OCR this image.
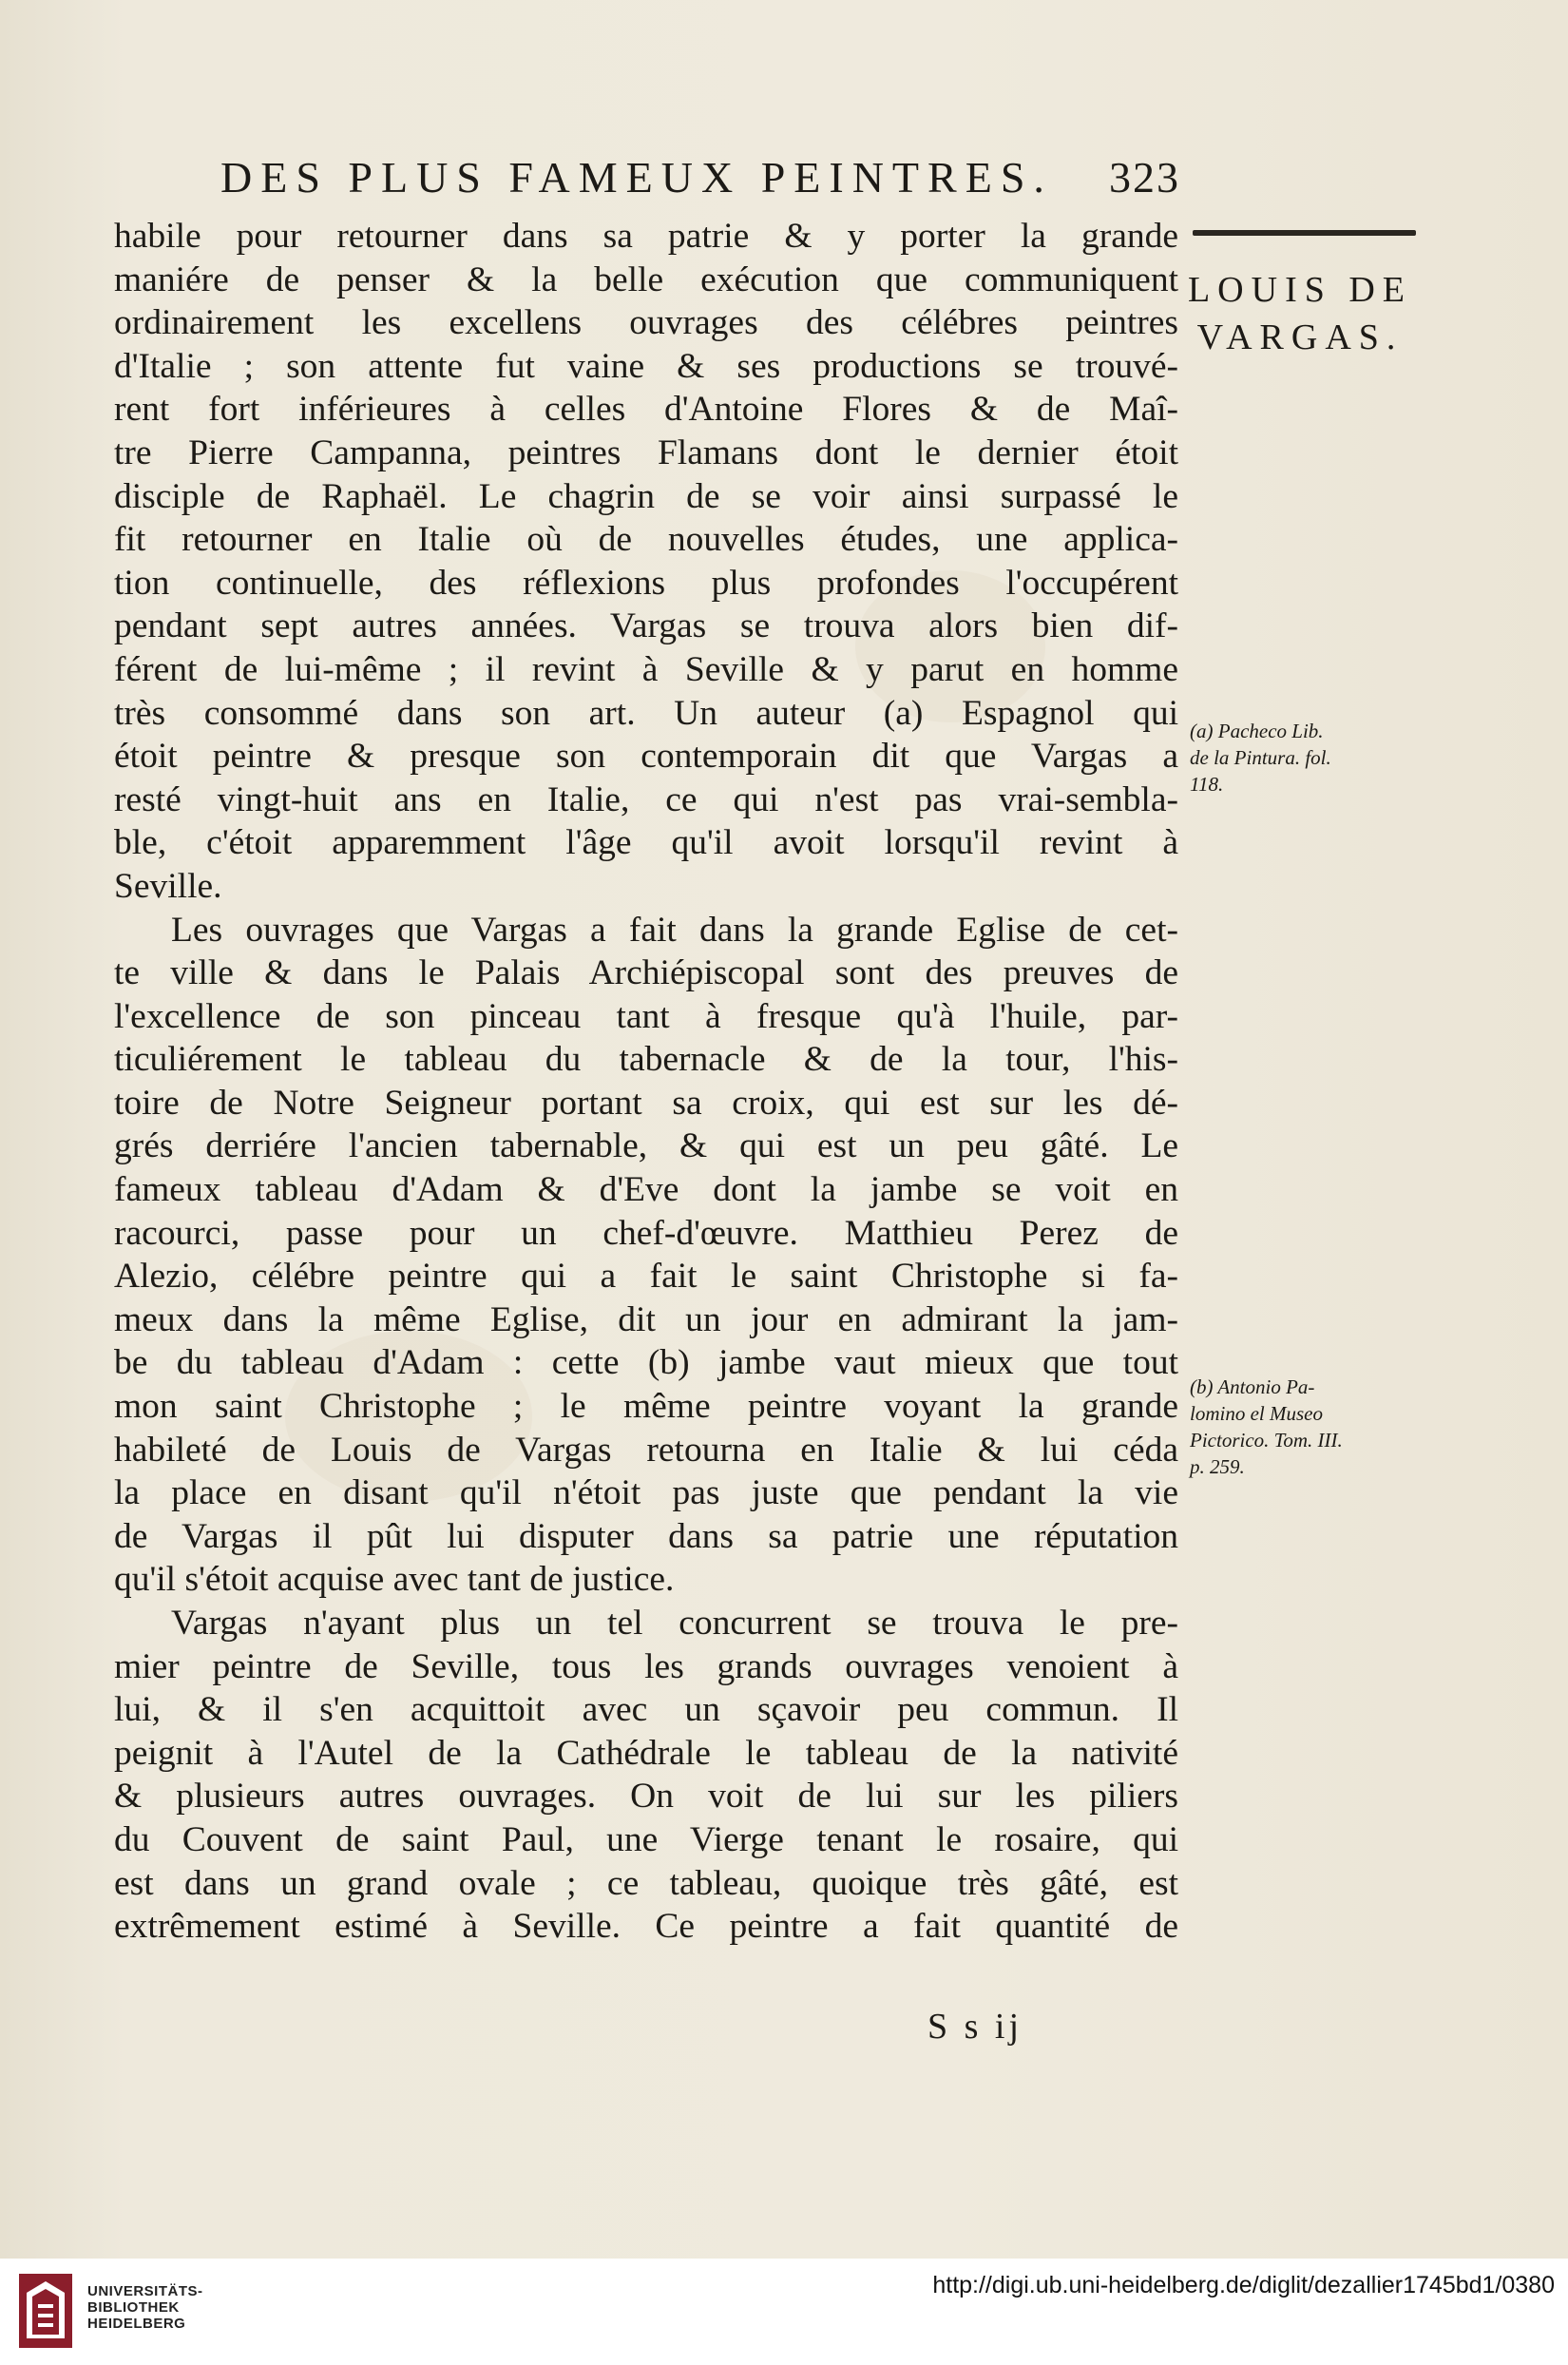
DES PLUS FAMEUX PEINTRES. 323
LOUIS DE
VARGAS.
(a) Pacheco Lib.
de la Pintura. fol.
118.
(b) Antonio Pa-
lomino el Museo
Pictorico. Tom. III.
p. 259.

habile pour retourner dans sa patrie & y porter la grande
maniére de penser & la belle exécution que communiquent
ordinairement les excellens ouvrages des célébres peintres
d'Italie ; son attente fut vaine & ses productions se trouvé-
rent fort inférieures à celles d'Antoine Flores & de Maî-
tre Pierre Campanna, peintres Flamans dont le dernier étoit
disciple de Raphaël. Le chagrin de se voir ainsi surpassé le
fit retourner en Italie où de nouvelles études, une applica-
tion continuelle, des réflexions plus profondes l'occupérent
pendant sept autres années. Vargas se trouva alors bien dif-
férent de lui-même ; il revint à Seville & y parut en homme
très consommé dans son art. Un auteur (a) Espagnol qui
étoit peintre & presque son contemporain dit que Vargas a
resté vingt-huit ans en Italie, ce qui n'est pas vrai-sembla-
ble, c'étoit apparemment l'âge qu'il avoit lorsqu'il revint à

Seville.

Les ouvrages que Vargas a fait dans la grande Eglise de cet-
te ville & dans le Palais Archiépiscopal sont des preuves de
l'excellence de son pinceau tant à fresque qu'à l'huile, par-
ticuliérement le tableau du tabernacle & de la tour, l'his-
toire de Notre Seigneur portant sa croix, qui est sur les dé-
grés derriére l'ancien tabernable, & qui est un peu gâté. Le
fameux tableau d'Adam & d'Eve dont la jambe se voit en
racourci, passe pour un chef-d'œuvre. Matthieu Perez de
Alezio, célébre peintre qui a fait le saint Christophe si fa-
meux dans la même Eglise, dit un jour en admirant la jam-
be du tableau d'Adam : cette (b) jambe vaut mieux que tout
mon saint Christophe ; le même peintre voyant la grande
habileté de Louis de Vargas retourna en Italie & lui céda
la place en disant qu'il n'étoit pas juste que pendant la vie
de Vargas il pût lui disputer dans sa patrie une réputation

qu'il s'étoit acquise avec tant de justice.

Vargas n'ayant plus un tel concurrent se trouva le pre-
mier peintre de Seville, tous les grands ouvrages venoient à
lui, & il s'en acquittoit avec un sçavoir peu commun. Il
peignit à l'Autel de la Cathédrale le tableau de la nativité
& plusieurs autres ouvrages. On voit de lui sur les piliers
du Couvent de saint Paul, une Vierge tenant le rosaire, qui
est dans un grand ovale ; ce tableau, quoique très gâté, est
extrêmement estimé à Seville. Ce peintre a fait quantité de

S s ij
UNIVERSITÄTS-
BIBLIOTHEK
HEIDELBERG
http://digi.ub.uni-heidelberg.de/diglit/dezallier1745bd1/0380
